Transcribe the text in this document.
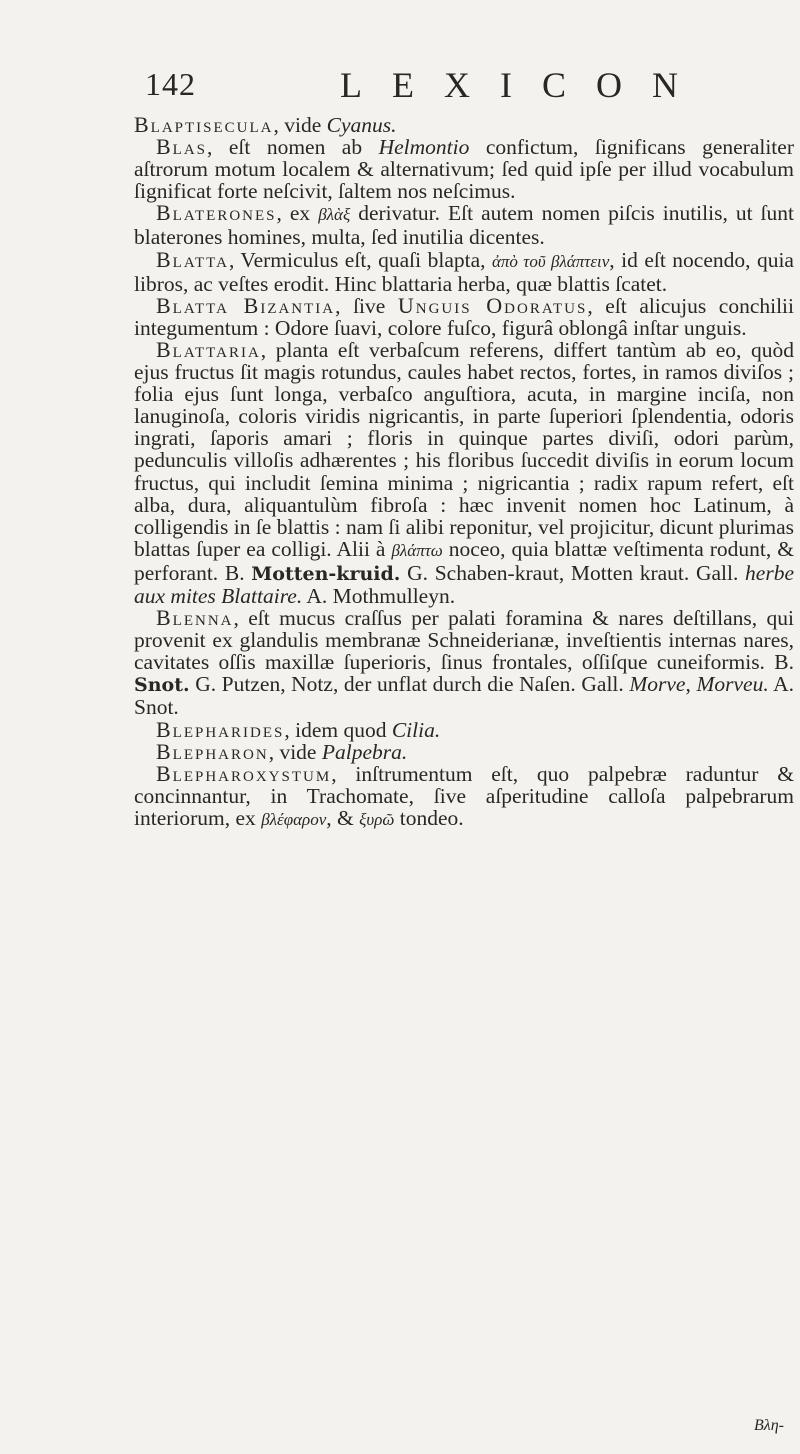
142	LEXICON

Blaptisecula, vide Cyanus.

Blas, eſt nomen ab Helmontio confictum, ſignificans generaliter aſtrorum motum localem & alternativum; ſed quid ipſe per illud vocabulum ſignificat forte neſcivit, ſaltem nos neſcimus.

Blaterones, ex βλὰξ derivatur. Eſt autem nomen piſcis inutilis, ut ſunt blaterones homines, multa, ſed inutilia dicentes.

Blatta, Vermiculus eſt, quaſi blapta, ἀπὸ τοῦ βλάπτειν, id eſt nocendo, quia libros, ac veſtes erodit. Hinc blattaria herba, quæ blattis ſcatet.

Blatta Bizantia, ſive Unguis Odoratus, eſt alicujus conchilii integumentum : Odore ſuavi, colore fuſco, figurâ oblongâ inſtar unguis.

Blattaria, planta eſt verbaſcum referens, differt tantùm ab eo, quòd ejus fructus ſit magis rotundus, caules habet rectos, fortes, in ramos diviſos ; folia ejus ſunt longa, verbaſco anguſtiora, acuta, in margine inciſa, non lanuginoſa, coloris viridis nigricantis, in parte ſuperiori ſplendentia, odoris ingrati, ſaporis amari ; floris in quinque partes diviſi, odori parùm, pedunculis villoſis adhærentes ; his floribus ſuccedit diviſis in eorum locum fructus, qui includit ſemina minima ; nigricantia ; radix rapum refert, eſt alba, dura, aliquantulùm fibroſa : hæc invenit nomen hoc Latinum, à colligendis in ſe blattis : nam ſi alibi reponitur, vel projicitur, dicunt plurimas blattas ſuper ea colligi. Alii à βλάπτω noceo, quia blattæ veſtimenta rodunt, & perforant. B. Motten-kruid. G. Schaben-kraut, Motten kraut. Gall. herbe aux mites Blattaire. A. Mothmulleyn.

Blenna, eſt mucus craſſus per palati foramina & nares deſtillans, qui provenit ex glandulis membranæ Schneiderianæ, inveſtientis internas nares, cavitates oſſis maxillæ ſuperioris, ſinus frontales, oſſiſque cuneiformis. B. Snot. G. Putzen, Notz, der unflat durch die Naſen. Gall. Morve, Morveu. A. Snot.

Blepharides, idem quod Cilia.

Blepharon, vide Palpebra.

Blepharoxystum, inſtrumentum eſt, quo palpebræ raduntur & concinnantur, in Trachomate, ſive aſperitudine calloſa palpebrarum interiorum, ex βλέφαρον, & ξυρῶ tondeo.

Βλη-
